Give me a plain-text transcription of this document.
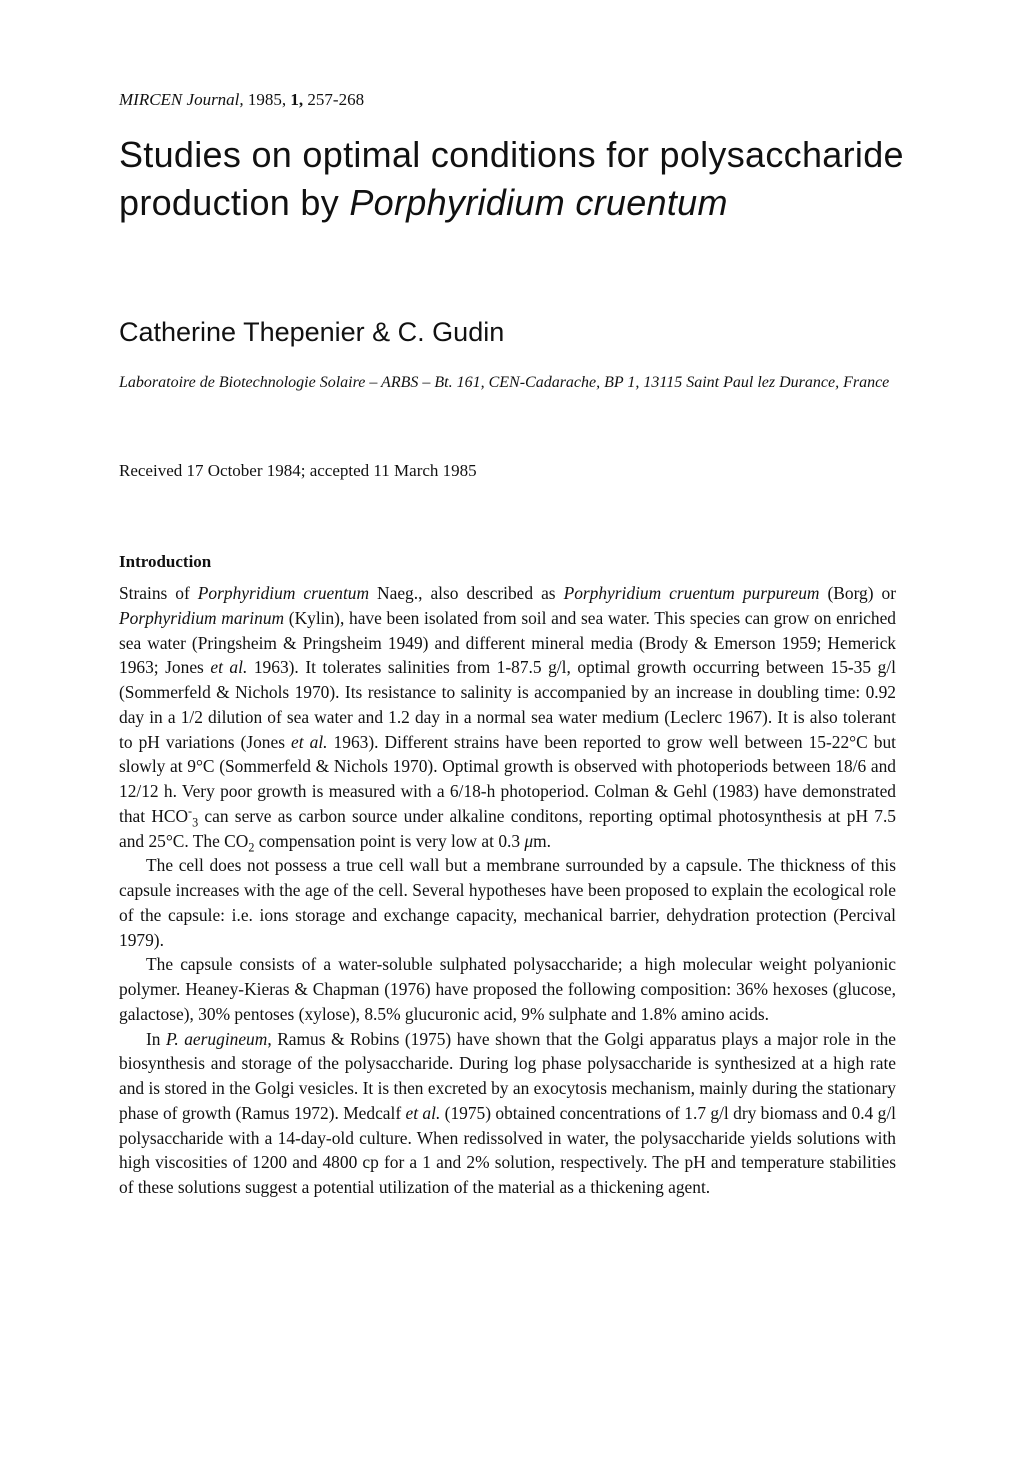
MIRCEN Journal, 1985, 1, 257-268
Studies on optimal conditions for polysaccharide production by Porphyridium cruentum
Catherine Thepenier & C. Gudin
Laboratoire de Biotechnologie Solaire – ARBS – Bt. 161, CEN-Cadarache, BP 1, 13115 Saint Paul lez Durance, France
Received 17 October 1984; accepted 11 March 1985
Introduction

Strains of Porphyridium cruentum Naeg., also described as Porphyridium cruentum purpureum (Borg) or Porphyridium marinum (Kylin), have been isolated from soil and sea water. This species can grow on enriched sea water (Pringsheim & Pringsheim 1949) and different mineral media (Brody & Emerson 1959; Hemerick 1963; Jones et al. 1963). It tolerates salinities from 1-87.5 g/l, optimal growth occurring between 15-35 g/l (Sommerfeld & Nichols 1970). Its resistance to salinity is accompanied by an increase in doubling time: 0.92 day in a 1/2 dilution of sea water and 1.2 day in a normal sea water medium (Leclerc 1967). It is also tolerant to pH variations (Jones et al. 1963). Different strains have been reported to grow well between 15-22°C but slowly at 9°C (Sommerfeld & Nichols 1970). Optimal growth is observed with photoperiods between 18/6 and 12/12 h. Very poor growth is measured with a 6/18-h photoperiod. Colman & Gehl (1983) have demonstrated that $HCO^-_3$ can serve as carbon source under alkaline conditons, reporting optimal photosynthesis at pH 7.5 and 25°C. The $CO_2$ compensation point is very low at 0.3 μm.

The cell does not possess a true cell wall but a membrane surrounded by a capsule. The thickness of this capsule increases with the age of the cell. Several hypotheses have been proposed to explain the ecological role of the capsule: i.e. ions storage and exchange capacity, mechanical barrier, dehydration protection (Percival 1979).

The capsule consists of a water-soluble sulphated polysaccharide; a high molecular weight polyanionic polymer. Heaney-Kieras & Chapman (1976) have proposed the following composition: 36% hexoses (glucose, galactose), 30% pentoses (xylose), 8.5% glucuronic acid, 9% sulphate and 1.8% amino acids.

In P. aerugineum, Ramus & Robins (1975) have shown that the Golgi apparatus plays a major role in the biosynthesis and storage of the polysaccharide. During log phase polysaccharide is synthesized at a high rate and is stored in the Golgi vesicles. It is then excreted by an exocytosis mechanism, mainly during the stationary phase of growth (Ramus 1972). Medcalf et al. (1975) obtained concentrations of 1.7 g/l dry biomass and 0.4 g/l polysaccharide with a 14-day-old culture. When redissolved in water, the polysaccharide yields solutions with high viscosities of 1200 and 4800 cp for a 1 and 2% solution, respectively. The pH and temperature stabilities of these solutions suggest a potential utilization of the material as a thickening agent.
